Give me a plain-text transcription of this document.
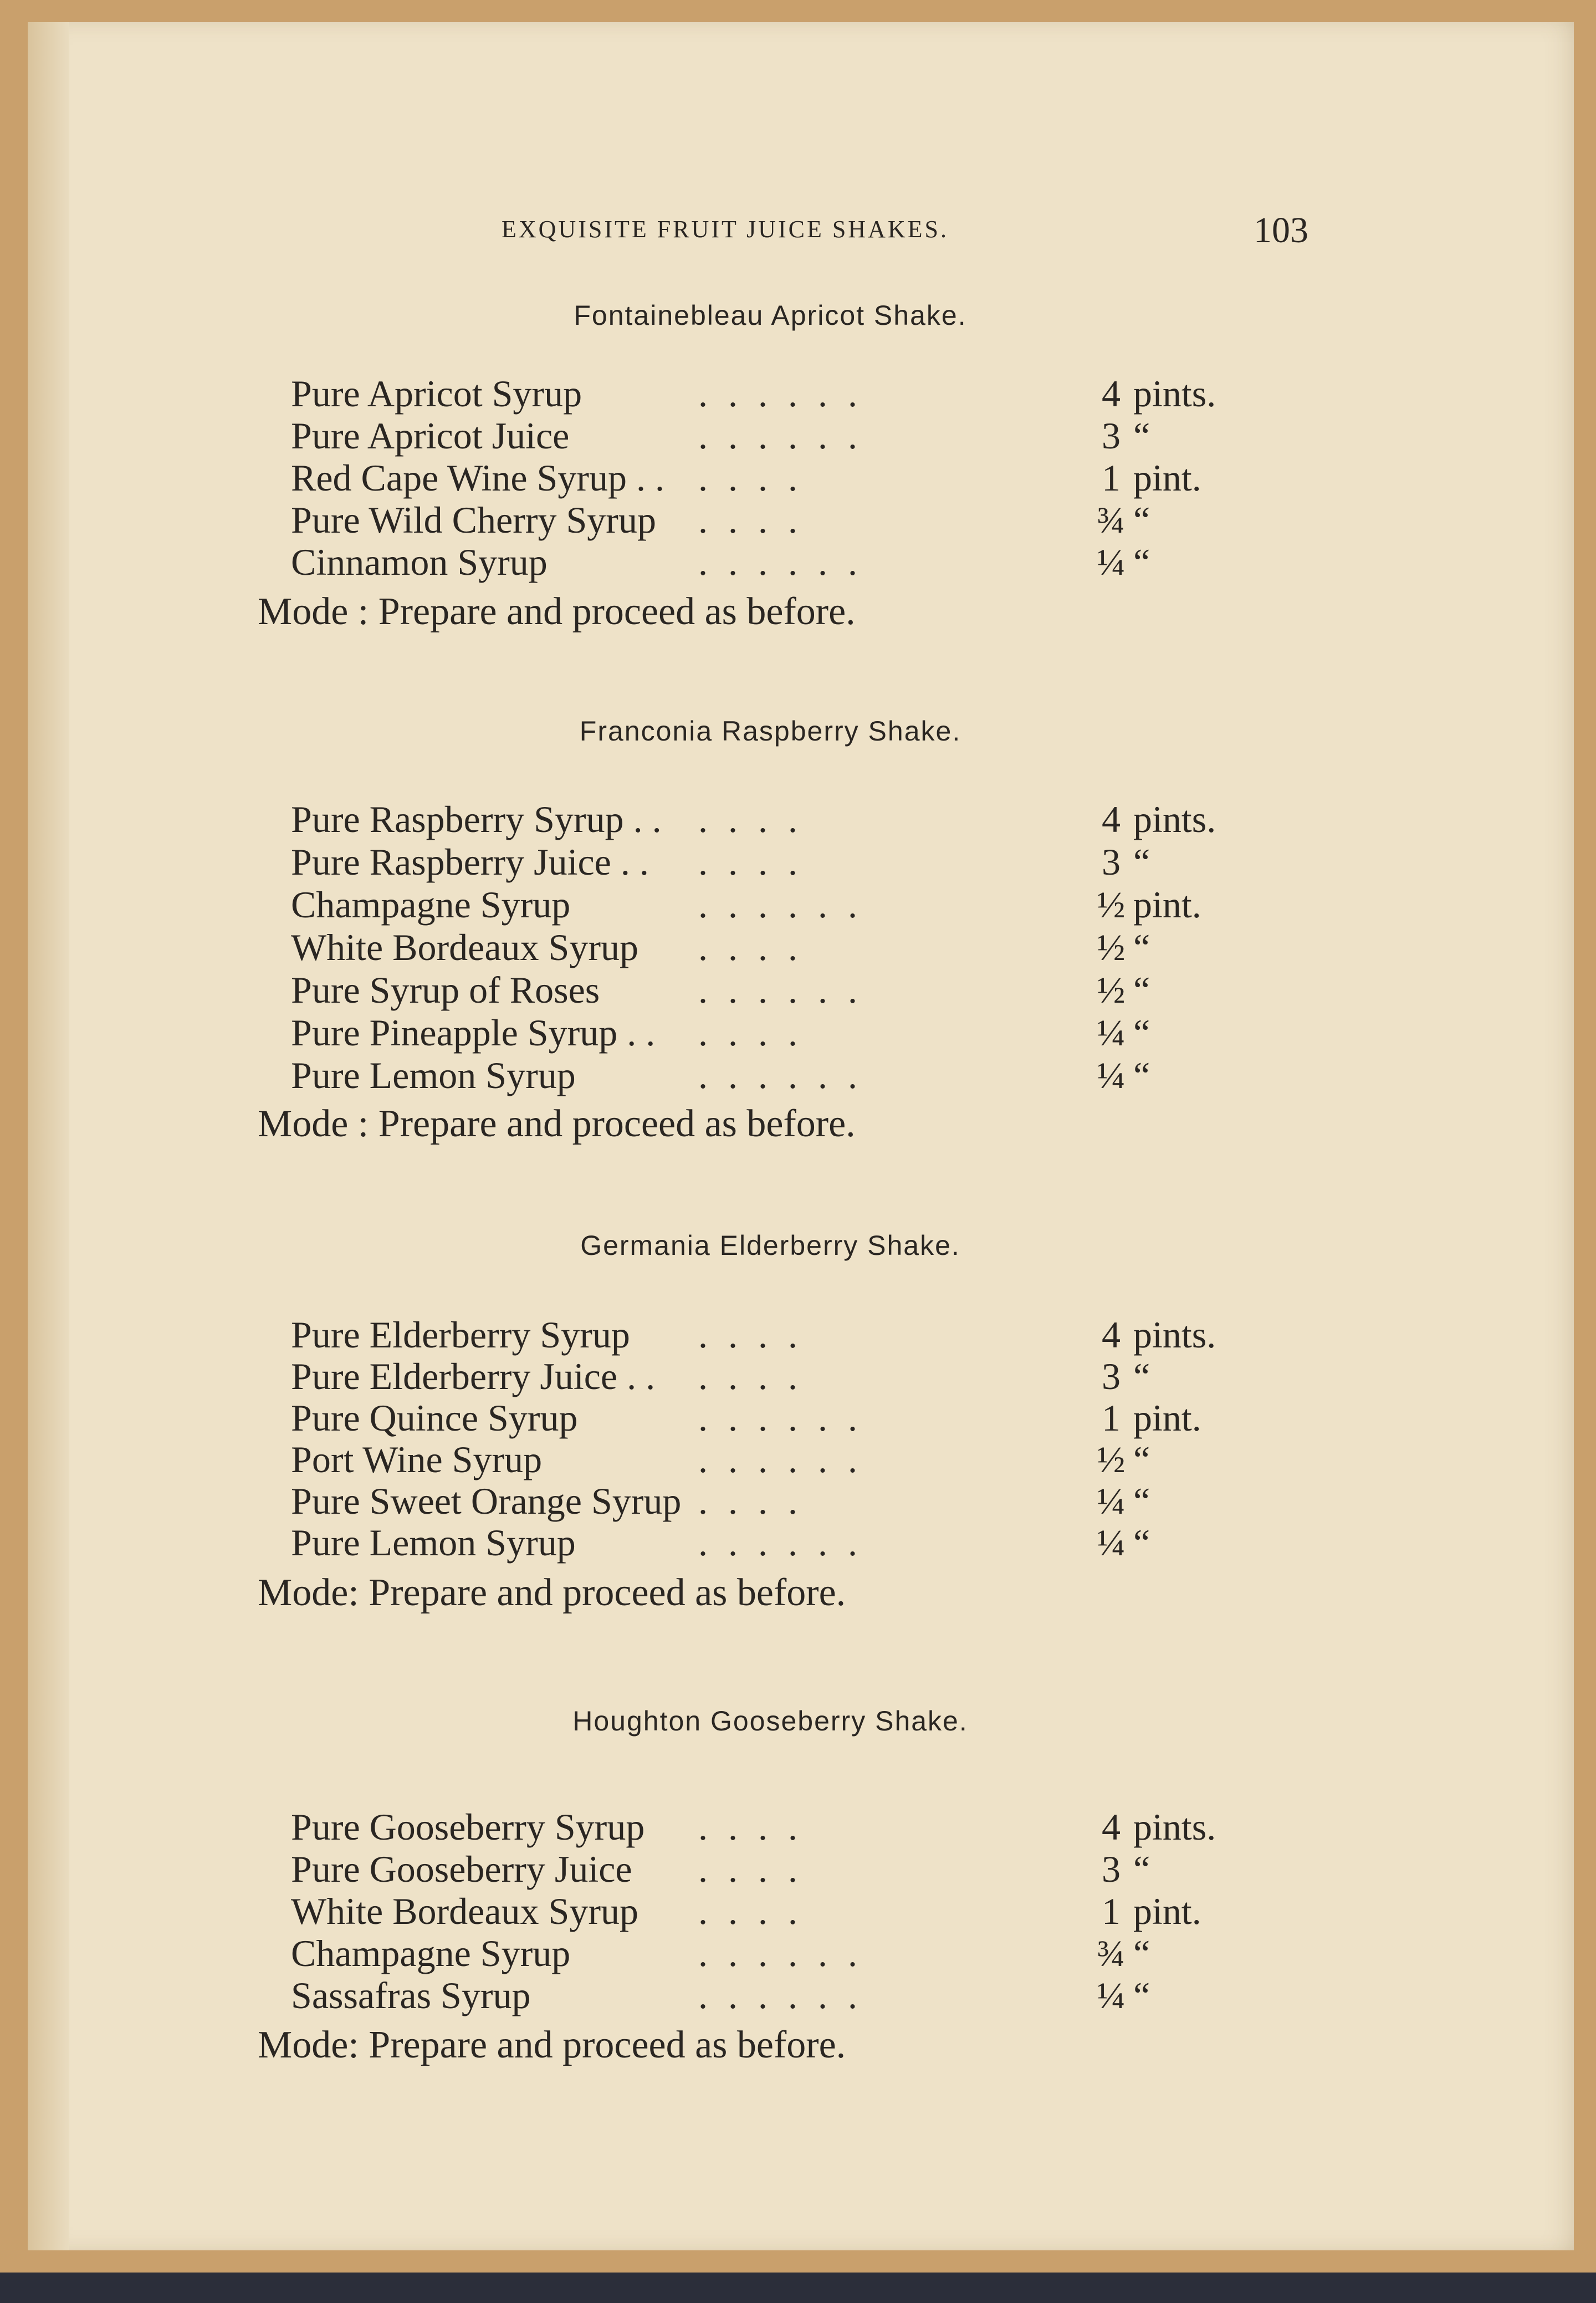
EXQUISITE FRUIT JUICE SHAKES.	103
Fontainebleau Apricot Shake.
Pure Apricot Syrup	. . . . . .	4 pints.
Pure Apricot Juice	. . . . . .	3 “
Red Cape Wine Syrup . . . . . .	1 pint.
Pure Wild Cherry Syrup . . . .	¾ “
Cinnamon Syrup	. . . . . .	¼ “
Mode : Prepare and proceed as before.
Franconia Raspberry Shake.
Pure Raspberry Syrup . . . . . .	4 pints.
Pure Raspberry Juice . . . . . .	3 “
Champagne Syrup	. . . . . .	½ pint.
White Bordeaux Syrup . . . .	½ “
Pure Syrup of Roses	. . . . . .	½ “
Pure Pineapple Syrup . . . . . .	¼ “
Pure Lemon Syrup	. . . . . .	¼ “
Mode : Prepare and proceed as before.
Germania Elderberry Shake.
Pure Elderberry Syrup . . . .	4 pints.
Pure Elderberry Juice . . . . . .	3 “
Pure Quince Syrup	. . . . . .	1 pint.
Port Wine Syrup	. . . . . .	½ “
Pure Sweet Orange Syrup . . . .	¼ “
Pure Lemon Syrup	. . . . . .	¼ “
Mode: Prepare and proceed as before.
Houghton Gooseberry Shake.
Pure Gooseberry Syrup . . . .	4 pints.
Pure Gooseberry Juice . . . .	3 “
White Bordeaux Syrup . . . .	1 pint.
Champagne Syrup	. . . . . .	¾ “
Sassafras Syrup	. . . . . .	¼ “
Mode: Prepare and proceed as before.
